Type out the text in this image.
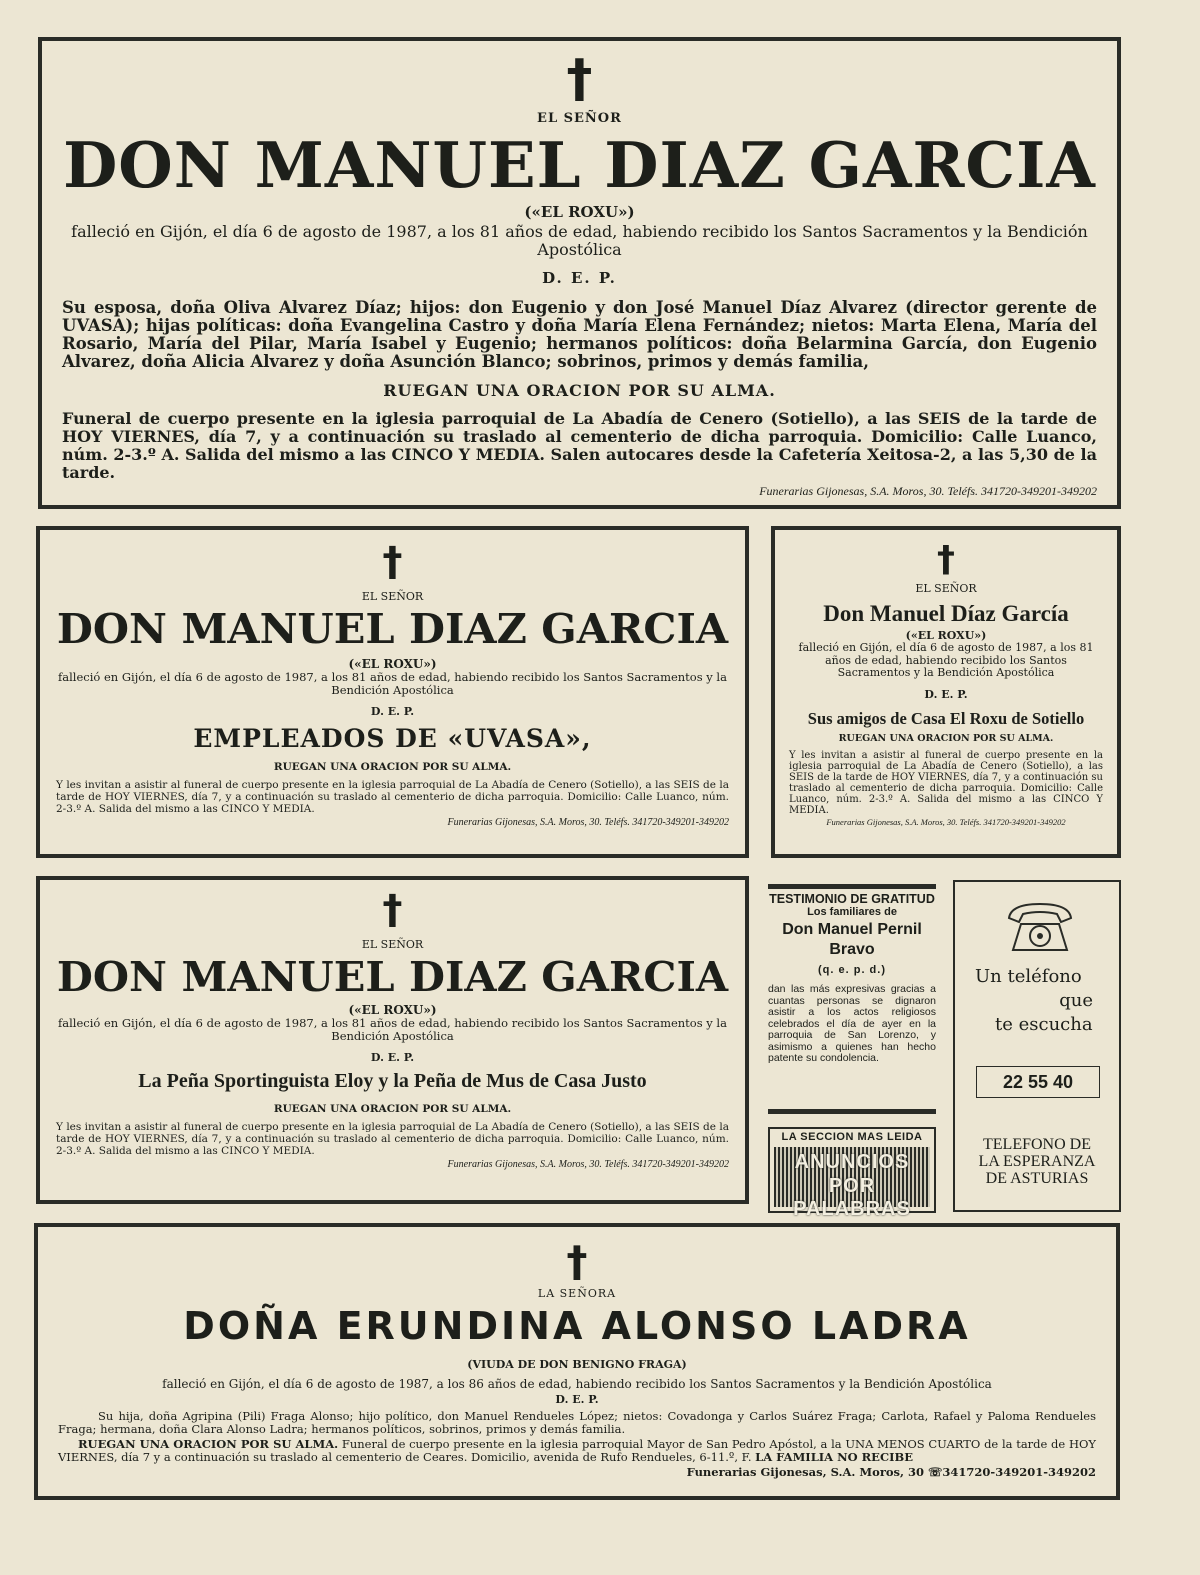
†

EL SEÑOR

DON MANUEL DIAZ GARCIA

(«EL ROXU»)

falleció en Gijón, el día 6 de agosto de 1987, a los 81 años de edad, habiendo recibido los Santos Sacramentos y la Bendición Apostólica

D. E. P.

Su esposa, doña Oliva Alvarez Díaz; hijos: don Eugenio y don José Manuel Díaz Alvarez (director gerente de UVASA); hijas políticas: doña Evangelina Castro y doña María Elena Fernández; nietos: Marta Elena, María del Rosario, María del Pilar, María Isabel y Eugenio; hermanos políticos: doña Belarmina García, don Eugenio Alvarez, doña Alicia Alvarez y doña Asunción Blanco; sobrinos, primos y demás familia,

RUEGAN UNA ORACION POR SU ALMA.

Funeral de cuerpo presente en la iglesia parroquial de La Abadía de Cenero (Sotiello), a las SEIS de la tarde de HOY VIERNES, día 7, y a continuación su traslado al cementerio de dicha parroquia. Domicilio: Calle Luanco, núm. 2-3.º A. Salida del mismo a las CINCO Y MEDIA. Salen autocares desde la Cafetería Xeitosa-2, a las 5,30 de la tarde.

Funerarias Gijonesas, S.A. Moros, 30. Teléfs. 341720-349201-349202

†

EL SEÑOR

DON MANUEL DIAZ GARCIA

(«EL ROXU»)

falleció en Gijón, el día 6 de agosto de 1987, a los 81 años de edad, habiendo recibido los Santos Sacramentos y la Bendición Apostólica

D. E. P.

EMPLEADOS DE «UVASA»,

RUEGAN UNA ORACION POR SU ALMA.

Y les invitan a asistir al funeral de cuerpo presente en la iglesia parroquial de La Abadía de Cenero (Sotiello), a las SEIS de la tarde de HOY VIERNES, día 7, y a continuación su traslado al cementerio de dicha parroquia. Domicilio: Calle Luanco, núm. 2-3.º A. Salida del mismo a las CINCO Y MEDIA.

Funerarias Gijonesas, S.A. Moros, 30. Teléfs. 341720-349201-349202

†

EL SEÑOR

Don Manuel Díaz García

(«EL ROXU»)

falleció en Gijón, el día 6 de agosto de 1987, a los 81 años de edad, habiendo recibido los Santos Sacramentos y la Bendición Apostólica

D. E. P.

Sus amigos de Casa El Roxu de Sotiello

RUEGAN UNA ORACION POR SU ALMA.

Y les invitan a asistir al funeral de cuerpo presente en la iglesia parroquial de La Abadía de Cenero (Sotiello), a las SEIS de la tarde de HOY VIERNES, día 7, y a continuación su traslado al cementerio de dicha parroquia. Domicilio: Calle Luanco, núm. 2-3.º A. Salida del mismo a las CINCO Y MEDIA.

Funerarias Gijonesas, S.A. Moros, 30. Teléfs. 341720-349201-349202

†

EL SEÑOR

DON MANUEL DIAZ GARCIA

(«EL ROXU»)

falleció en Gijón, el día 6 de agosto de 1987, a los 81 años de edad, habiendo recibido los Santos Sacramentos y la Bendición Apostólica

D. E. P.

La Peña Sportinguista Eloy y la Peña de Mus de Casa Justo

RUEGAN UNA ORACION POR SU ALMA.

Y les invitan a asistir al funeral de cuerpo presente en la iglesia parroquial de La Abadía de Cenero (Sotiello), a las SEIS de la tarde de HOY VIERNES, día 7, y a continuación su traslado al cementerio de dicha parroquia. Domicilio: Calle Luanco, núm. 2-3.º A. Salida del mismo a las CINCO Y MEDIA.

Funerarias Gijonesas, S.A. Moros, 30. Teléfs. 341720-349201-349202

TESTIMONIO DE GRATITUD

Los familiares de

Don Manuel Pernil Bravo

(q. e. p. d.)

dan las más expresivas gracias a cuantas personas se dignaron asistir a los actos religiosos celebrados el día de ayer en la parroquia de San Lorenzo, y asimismo a quienes han hecho patente su condolencia.

LA SECCION MAS LEIDA

ANUNCIOS
POR PALABRAS
Un teléfono
que
te escucha
22 55 40
TELEFONO DE
LA ESPERANZA
DE ASTURIAS
†

LA SEÑORA

DOÑA ERUNDINA ALONSO LADRA

(VIUDA DE DON BENIGNO FRAGA)

falleció en Gijón, el día 6 de agosto de 1987, a los 86 años de edad, habiendo recibido los Santos Sacramentos y la Bendición Apostólica

D. E. P.

Su hija, doña Agripina (Pili) Fraga Alonso; hijo político, don Manuel Rendueles López; nietos: Covadonga y Carlos Suárez Fraga; Carlota, Rafael y Paloma Rendueles Fraga; hermana, doña Clara Alonso Ladra; hermanos políticos, sobrinos, primos y demás familia.

RUEGAN UNA ORACION POR SU ALMA. Funeral de cuerpo presente en la iglesia parroquial Mayor de San Pedro Apóstol, a la UNA MENOS CUARTO de la tarde de HOY VIERNES, día 7 y a continuación su traslado al cementerio de Ceares. Domicilio, avenida de Rufo Rendueles, 6-11.º, F. LA FAMILIA NO RECIBE

Funerarias Gijonesas, S.A. Moros, 30 ☏341720-349201-349202
